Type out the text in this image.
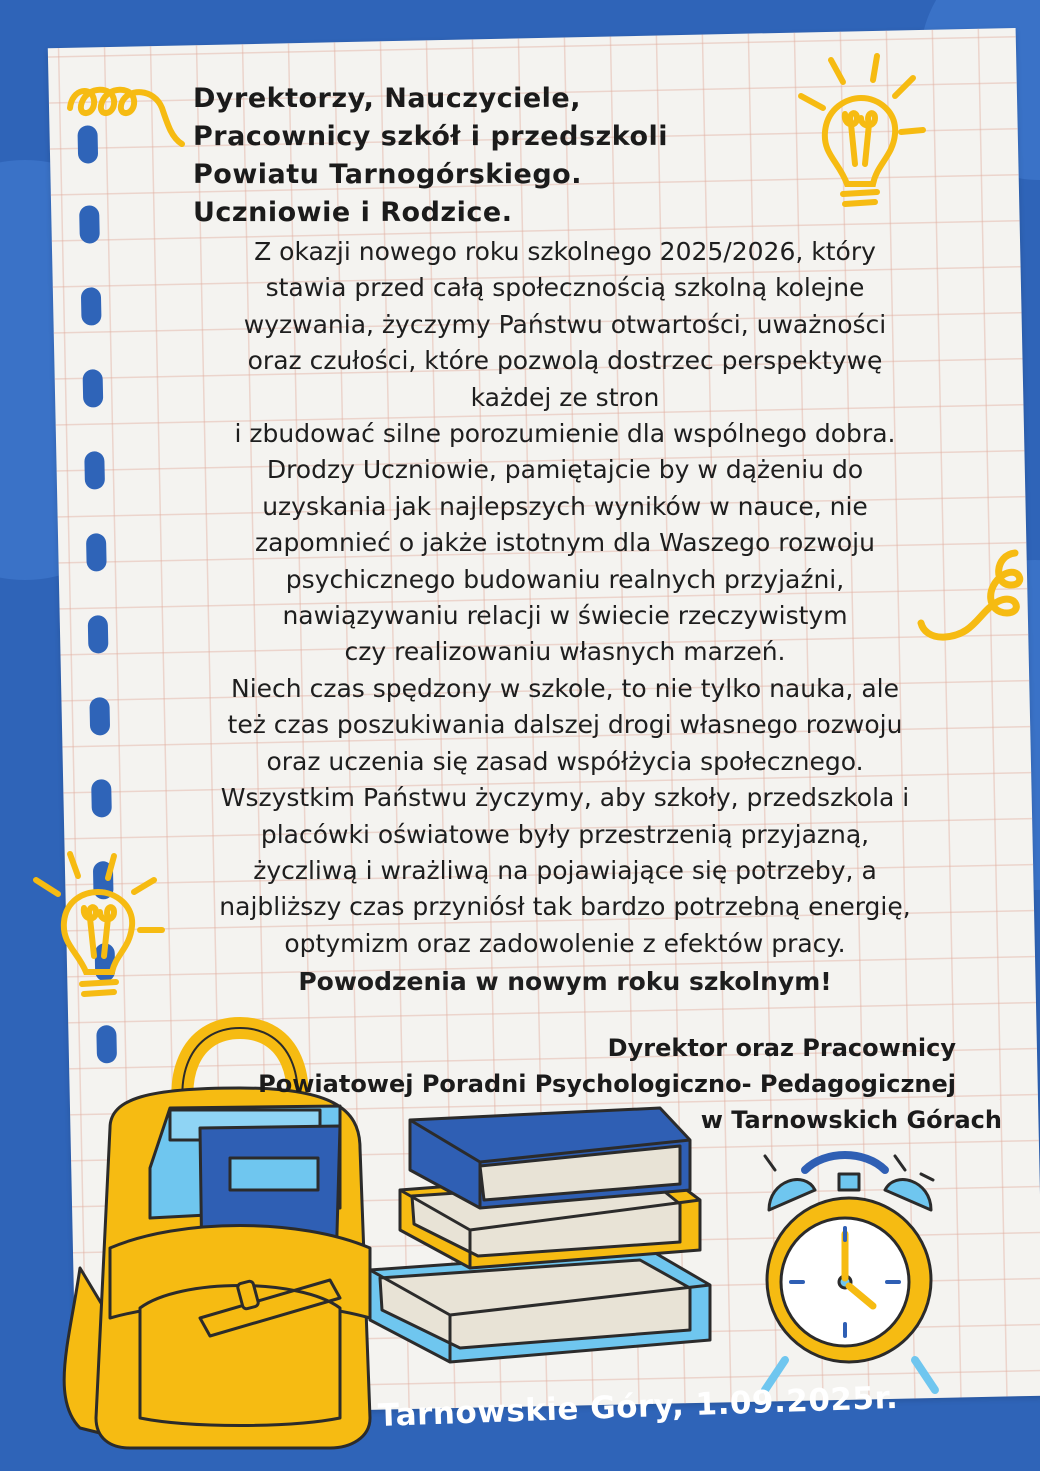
Dyrektorzy, Nauczyciele,
Pracownicy szkół i przedszkoli
Powiatu Tarnogórskiego.
Uczniowie i Rodzice.
Z okazji nowego roku szkolnego 2025/2026, który
stawia przed całą społecznością szkolną kolejne
wyzwania, życzymy Państwu otwartości, uważności
oraz czułości, które pozwolą dostrzec perspektywę
każdej ze stron
i zbudować silne porozumienie dla wspólnego dobra.
Drodzy Uczniowie, pamiętajcie by w dążeniu do
uzyskania jak najlepszych wyników w nauce, nie
zapomnieć o jakże istotnym dla Waszego rozwoju
psychicznego budowaniu realnych przyjaźni,
nawiązywaniu relacji w świecie rzeczywistym
czy realizowaniu własnych marzeń.
Niech czas spędzony w szkole, to nie tylko nauka, ale
też czas poszukiwania dalszej drogi własnego rozwoju
oraz uczenia się zasad współżycia społecznego.
Wszystkim Państwu życzymy, aby szkoły, przedszkola i
placówki oświatowe były przestrzenią przyjazną,
życzliwą i wrażliwą na pojawiające się potrzeby, a
najbliższy czas przyniósł tak bardzo potrzebną energię,
optymizm oraz zadowolenie z efektów pracy.
Powodzenia w nowym roku szkolnym!
Dyrektor oraz Pracownicy
Powiatowej Poradni Psychologiczno- Pedagogicznej
w Tarnowskich Górach
Tarnowskie Góry, 1.09.2025r.
